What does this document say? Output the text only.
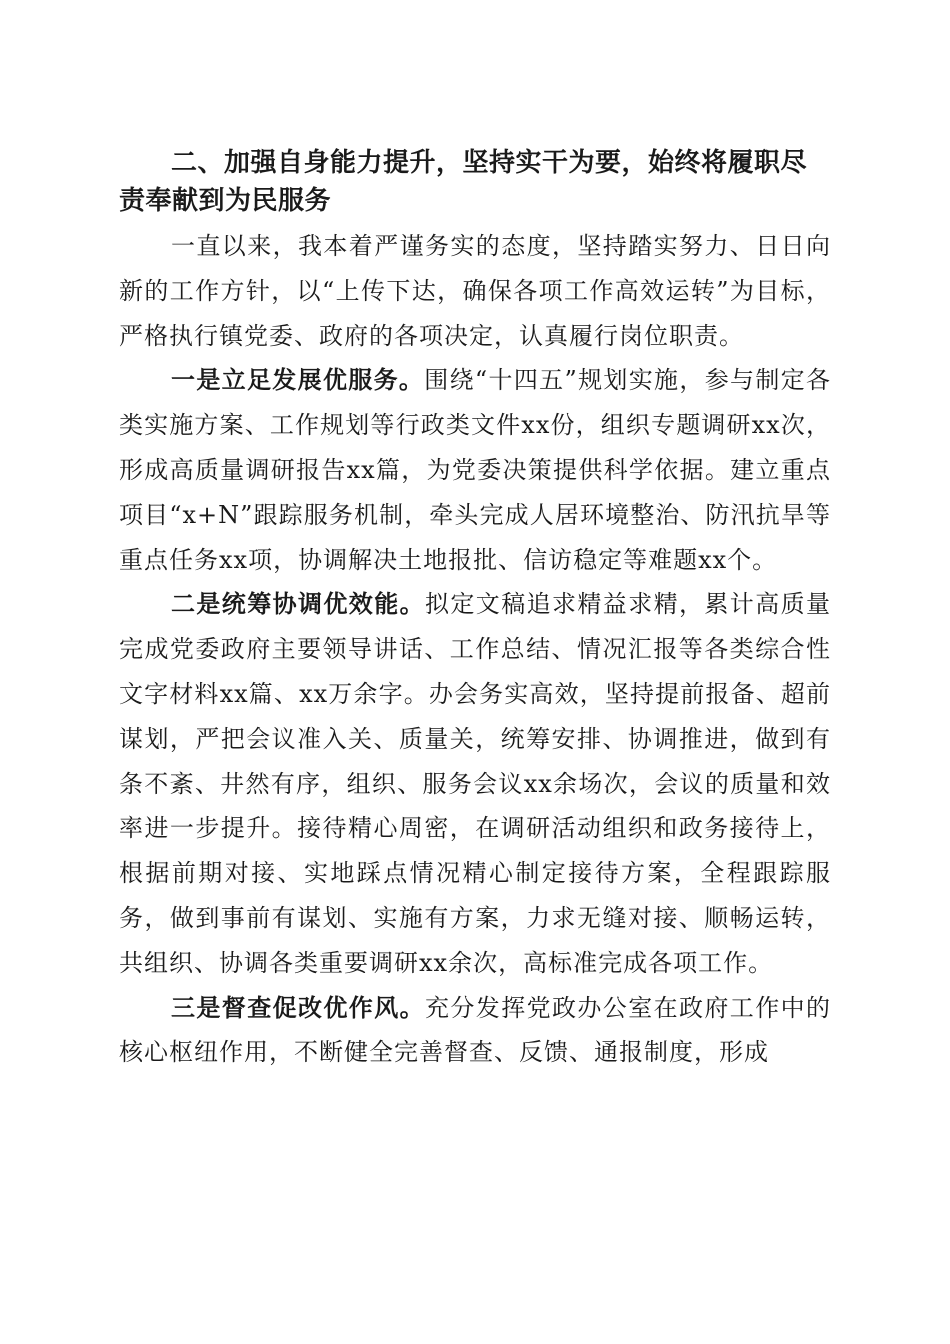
二、加强自身能力提升，坚持实干为要，始终将履职尽责奉献到为民服务

一直以来，我本着严谨务实的态度，坚持踏实努力、日日向新的工作方针，以“上传下达，确保各项工作高效运转”为目标，严格执行镇党委、政府的各项决定，认真履行岗位职责。

一是立足发展优服务。围绕“十四五”规划实施，参与制定各类实施方案、工作规划等行政类文件xx份，组织专题调研xx次，形成高质量调研报告xx篇，为党委决策提供科学依据。建立重点项目“x+N”跟踪服务机制，牵头完成人居环境整治、防汛抗旱等重点任务xx项，协调解决土地报批、信访稳定等难题xx个。

二是统筹协调优效能。拟定文稿追求精益求精，累计高质量完成党委政府主要领导讲话、工作总结、情况汇报等各类综合性文字材料xx篇、xx万余字。办会务实高效，坚持提前报备、超前谋划，严把会议准入关、质量关，统筹安排、协调推进，做到有条不紊、井然有序，组织、服务会议xx余场次，会议的质量和效率进一步提升。接待精心周密，在调研活动组织和政务接待上，根据前期对接、实地踩点情况精心制定接待方案，全程跟踪服务，做到事前有谋划、实施有方案，力求无缝对接、顺畅运转，共组织、协调各类重要调研xx余次，高标准完成各项工作。

三是督查促改优作风。充分发挥党政办公室在政府工作中的核心枢纽作用，不断健全完善督查、反馈、通报制度，形成
